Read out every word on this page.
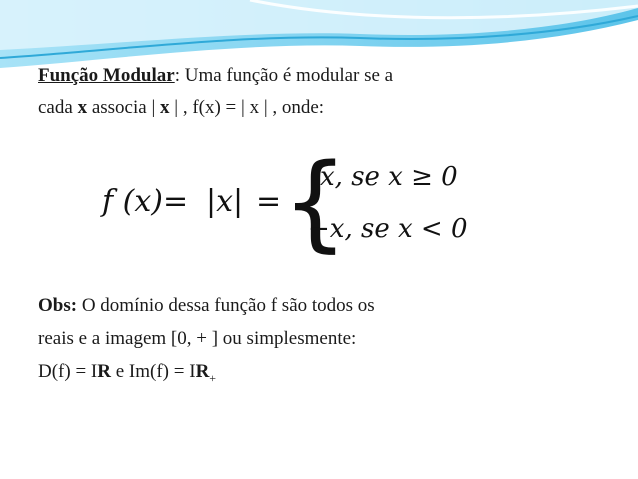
Função Modular: Uma função é modular se a
cada x associa | x | , f(x) = | x | , onde:
f (x)= |x| = {
x, se x ≥ 0
−x, se x < 0
Obs: O domínio dessa função f são todos os
reais e a imagem [0, + ] ou simplesmente:
D(f) = IR e $Im(f) = IR_+$
